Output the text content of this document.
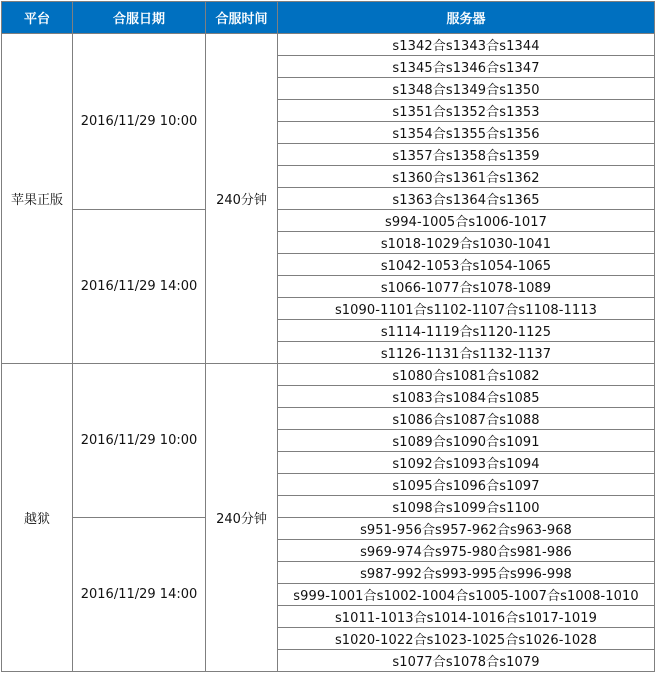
平台	合服日期	合服时间	服务器
苹果正版	2016/11/29 10:00	240分钟	s1342合s1343合s1344
			s1345合s1346合s1347
			s1348合s1349合s1350
			s1351合s1352合s1353
			s1354合s1355合s1356
			s1357合s1358合s1359
			s1360合s1361合s1362
			s1363合s1364合s1365
	2016/11/29 14:00		s994-1005合s1006-1017
			s1018-1029合s1030-1041
			s1042-1053合s1054-1065
			s1066-1077合s1078-1089
			s1090-1101合s1102-1107合s1108-1113
			s1114-1119合s1120-1125
			s1126-1131合s1132-1137
越狱	2016/11/29 10:00	240分钟	s1080合s1081合s1082
			s1083合s1084合s1085
			s1086合s1087合s1088
			s1089合s1090合s1091
			s1092合s1093合s1094
			s1095合s1096合s1097
			s1098合s1099合s1100
	2016/11/29 14:00		s951-956合s957-962合s963-968
			s969-974合s975-980合s981-986
			s987-992合s993-995合s996-998
			s999-1001合s1002-1004合s1005-1007合s1008-1010
			s1011-1013合s1014-1016合s1017-1019
			s1020-1022合s1023-1025合s1026-1028
			s1077合s1078合s1079
